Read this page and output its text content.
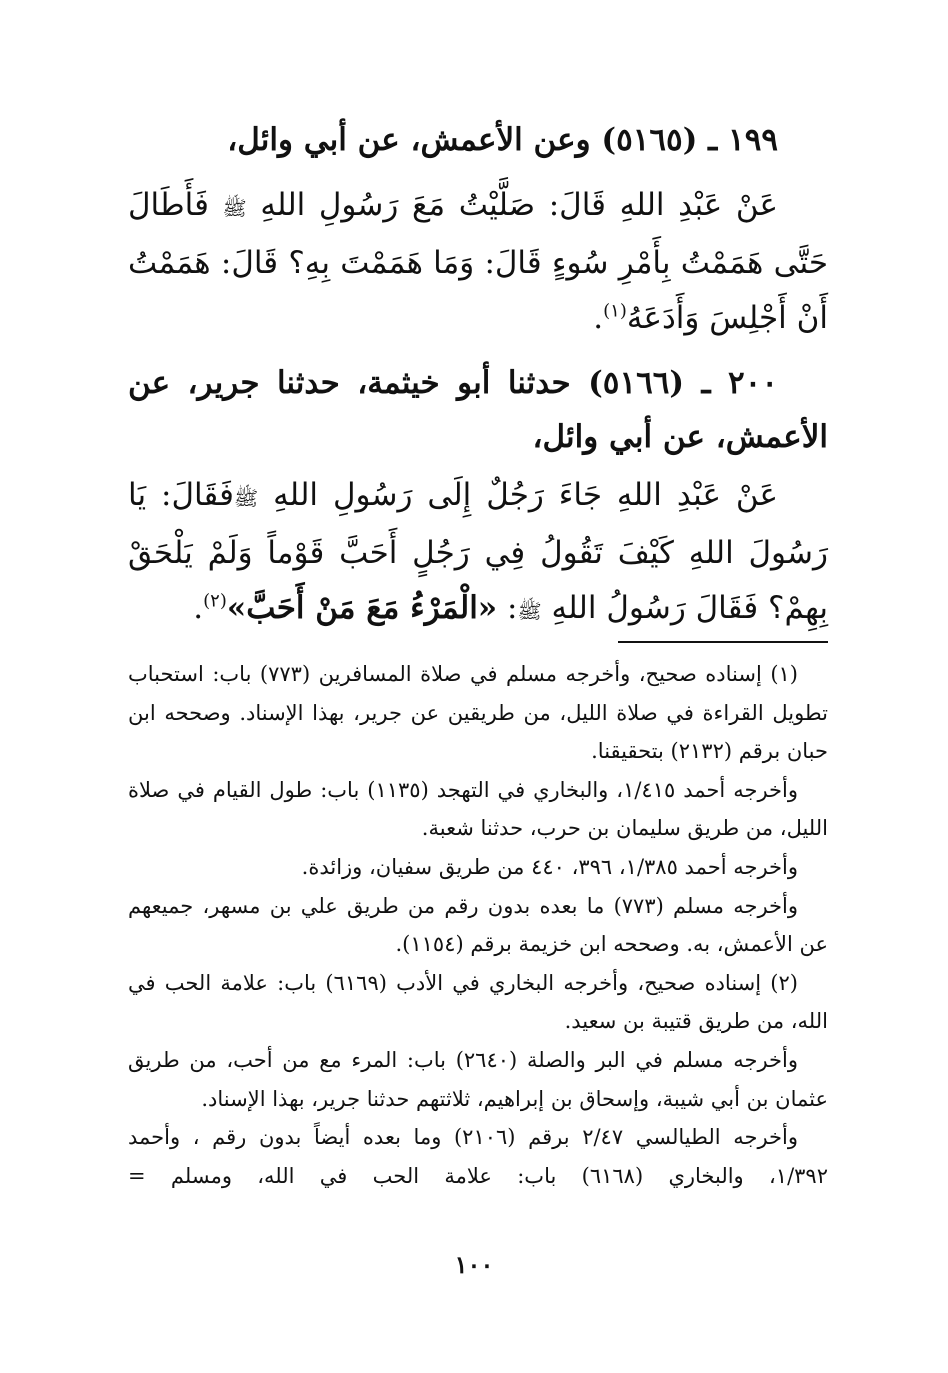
١٩٩ ـ (٥١٦٥) وعن الأعمش، عن أبي وائل،
عَنْ عَبْدِ اللهِ قَالَ: صَلَّيْتُ مَعَ رَسُولِ اللهِ ﷺ فَأَطَالَ حَتَّى هَمَمْتُ بِأَمْرِ سُوءٍ قَالَ: وَمَا هَمَمْتَ بِهِ؟ قَالَ: هَمَمْتُ أَنْ أَجْلِسَ وَأَدَعَهُ$^{(١)}$.
٢٠٠ ـ (٥١٦٦) حدثنا أبو خيثمة، حدثنا جرير، عن الأعمش، عن أبي وائل،
عَنْ عَبْدِ اللهِ جَاءَ رَجُلٌ إِلَى رَسُولِ اللهِ ﷺفَقَالَ: يَا رَسُولَ اللهِ كَيْفَ تَقُولُ فِي رَجُلٍ أَحَبَّ قَوْماً وَلَمْ يَلْحَقْ بِهِمْ؟ فَقَالَ رَسُولُ اللهِ ﷺ: «الْمَرْءُ مَعَ مَنْ أَحَبَّ»$^{(٢)}$.

(١) إسناده صحيح، وأخرجه مسلم في صلاة المسافرين (٧٧٣) باب: استحباب تطويل القراءة في صلاة الليل، من طريقين عن جرير، بهذا الإسناد. وصححه ابن حبان برقم (٢١٣٢) بتحقيقنا.

وأخرجه أحمد ١/٤١٥، والبخاري في التهجد (١١٣٥) باب: طول القيام في صلاة الليل، من طريق سليمان بن حرب، حدثنا شعبة.

وأخرجه أحمد ١/٣٨٥، ٣٩٦، ٤٤٠ من طريق سفيان، وزائدة.

وأخرجه مسلم (٧٧٣) ما بعده بدون رقم من طريق علي بن مسهر، جميعهم عن الأعمش، به. وصححه ابن خزيمة برقم (١١٥٤).

(٢) إسناده صحيح، وأخرجه البخاري في الأدب (٦١٦٩) باب: علامة الحب في الله، من طريق قتيبة بن سعيد.

وأخرجه مسلم في البر والصلة (٢٦٤٠) باب: المرء مع من أحب، من طريق عثمان بن أبي شيبة، وإسحاق بن إبراهيم، ثلاثتهم حدثنا جرير، بهذا الإسناد.

وأخرجه الطيالسي ٢/٤٧ برقم (٢١٠٦) وما بعده أيضاً بدون رقم ، وأحمد ١/٣٩٢، والبخاري (٦١٦٨) باب: علامة الحب في الله، ومسلم =

١٠٠
